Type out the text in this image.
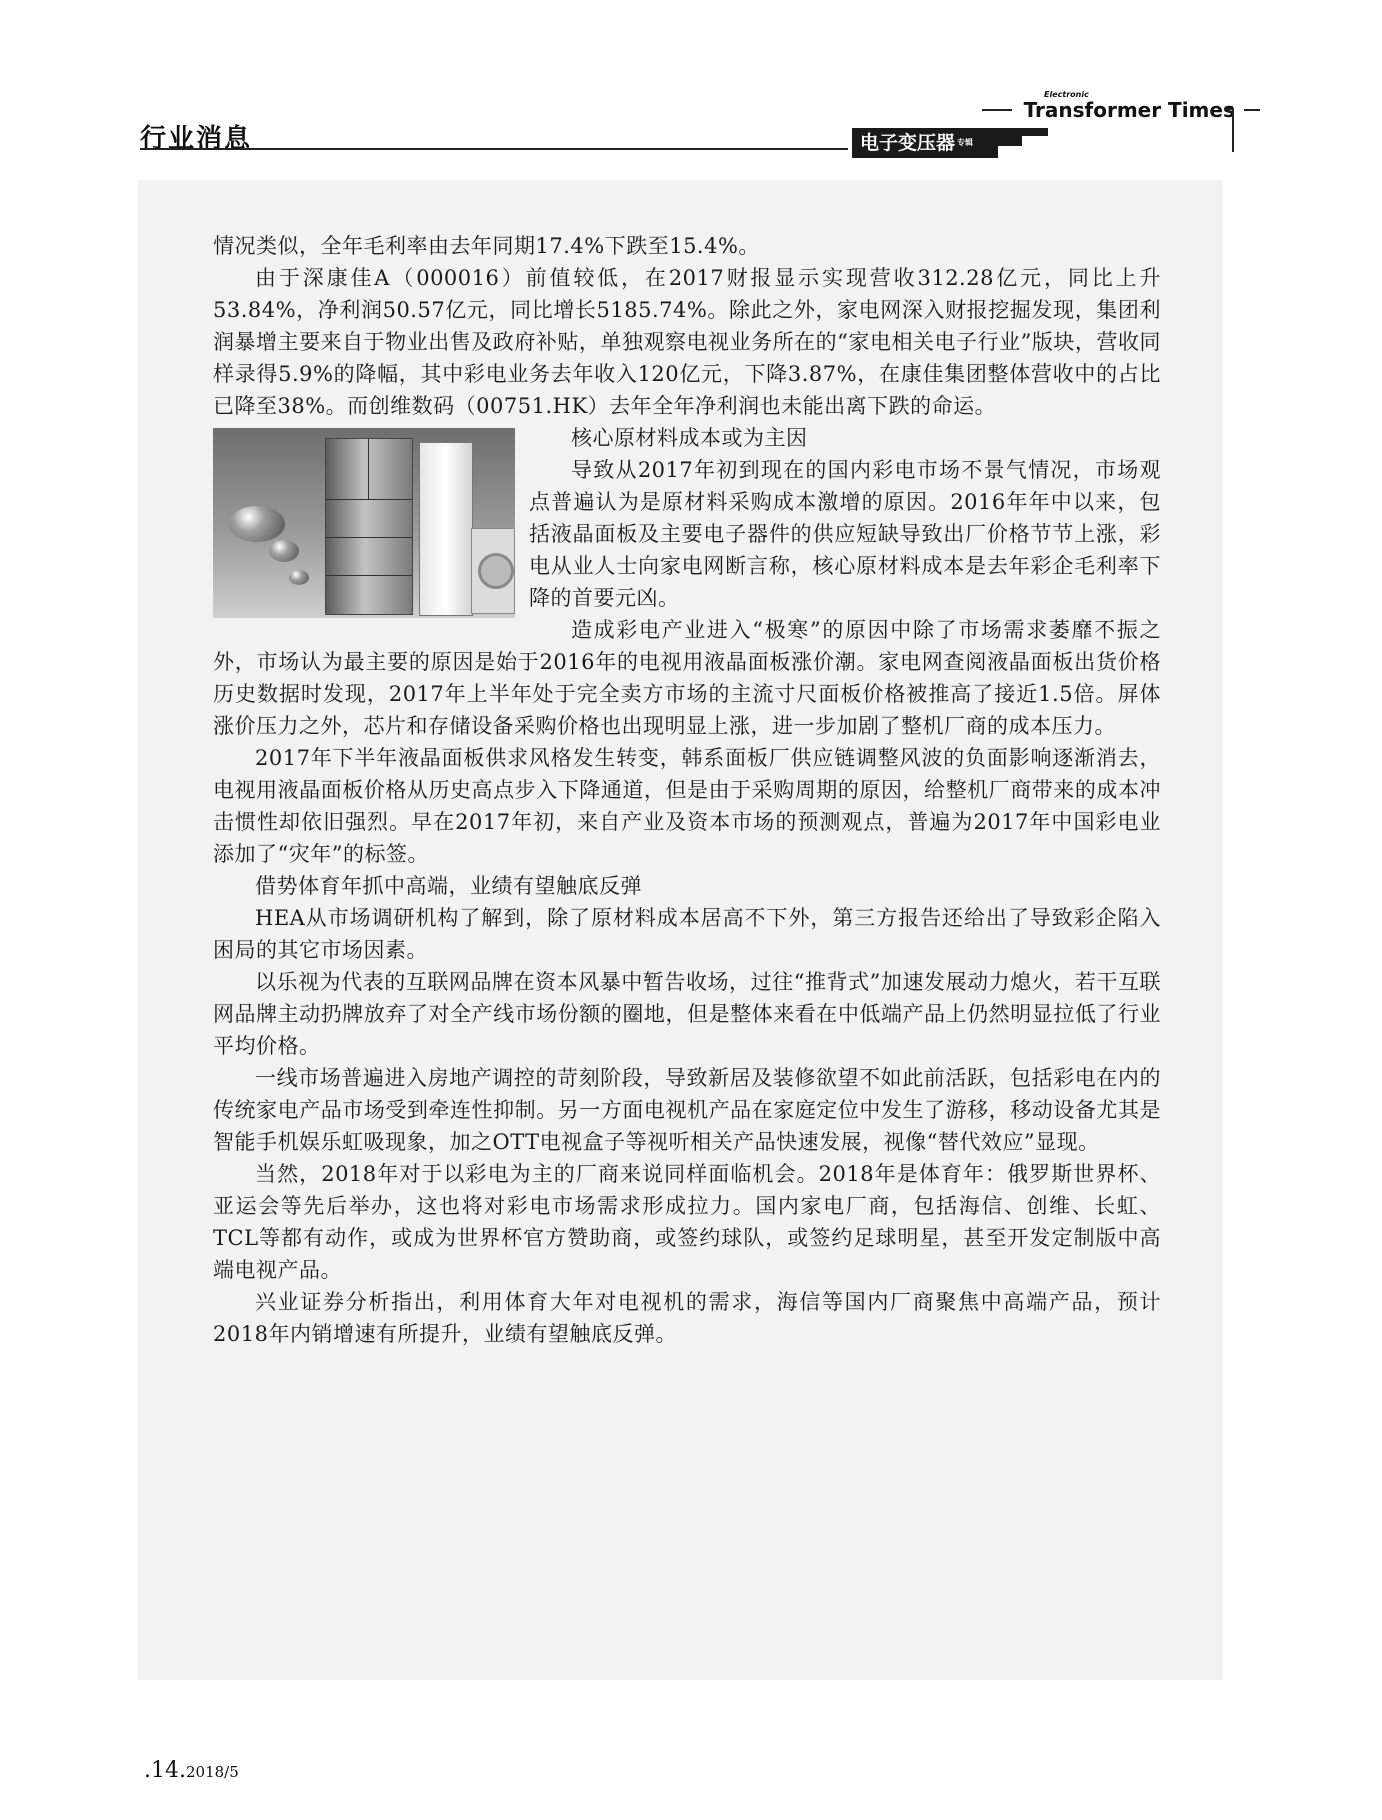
行业消息

Electronic
Transformer Times
电子变压器 $^{专辑}$

情况类似，全年毛利率由去年同期17.4%下跌至15.4%。

由于深康佳A（000016）前值较低，在2017财报显示实现营收312.28亿元，同比上升53.84%，净利润50.57亿元，同比增长5185.74%。除此之外，家电网深入财报挖掘发现，集团利润暴增主要来自于物业出售及政府补贴，单独观察电视业务所在的“家电相关电子行业”版块，营收同样录得5.9%的降幅，其中彩电业务去年收入120亿元，下降3.87%，在康佳集团整体营收中的占比已降至38%。而创维数码（00751.HK）去年全年净利润也未能出离下跌的命运。

核心原材料成本或为主因

导致从2017年初到现在的国内彩电市场不景气情况，市场观点普遍认为是原材料采购成本激增的原因。2016年年中以来，包括液晶面板及主要电子器件的供应短缺导致出厂价格节节上涨，彩电从业人士向家电网断言称，核心原材料成本是去年彩企毛利率下降的首要元凶。

造成彩电产业进入“极寒”的原因中除了市场需求萎靡不振之外，市场认为最主要的原因是始于2016年的电视用液晶面板涨价潮。家电网查阅液晶面板出货价格历史数据时发现，2017年上半年处于完全卖方市场的主流寸尺面板价格被推高了接近1.5倍。屏体涨价压力之外，芯片和存储设备采购价格也出现明显上涨，进一步加剧了整机厂商的成本压力。

2017年下半年液晶面板供求风格发生转变，韩系面板厂供应链调整风波的负面影响逐渐消去，电视用液晶面板价格从历史高点步入下降通道，但是由于采购周期的原因，给整机厂商带来的成本冲击惯性却依旧强烈。早在2017年初，来自产业及资本市场的预测观点，普遍为2017年中国彩电业添加了“灾年”的标签。

借势体育年抓中高端，业绩有望触底反弹

HEA从市场调研机构了解到，除了原材料成本居高不下外，第三方报告还给出了导致彩企陷入困局的其它市场因素。

以乐视为代表的互联网品牌在资本风暴中暂告收场，过往“推背式”加速发展动力熄火，若干互联网品牌主动扔牌放弃了对全产线市场份额的圈地，但是整体来看在中低端产品上仍然明显拉低了行业平均价格。

一线市场普遍进入房地产调控的苛刻阶段，导致新居及装修欲望不如此前活跃，包括彩电在内的传统家电产品市场受到牵连性抑制。另一方面电视机产品在家庭定位中发生了游移，移动设备尤其是智能手机娱乐虹吸现象，加之OTT电视盒子等视听相关产品快速发展，视像“替代效应”显现。

当然，2018年对于以彩电为主的厂商来说同样面临机会。2018年是体育年：俄罗斯世界杯、亚运会等先后举办，这也将对彩电市场需求形成拉力。国内家电厂商，包括海信、创维、长虹、TCL等都有动作，或成为世界杯官方赞助商，或签约球队，或签约足球明星，甚至开发定制版中高端电视产品。

兴业证券分析指出，利用体育大年对电视机的需求，海信等国内厂商聚焦中高端产品，预计2018年内销增速有所提升，业绩有望触底反弹。

.14.2018/5
